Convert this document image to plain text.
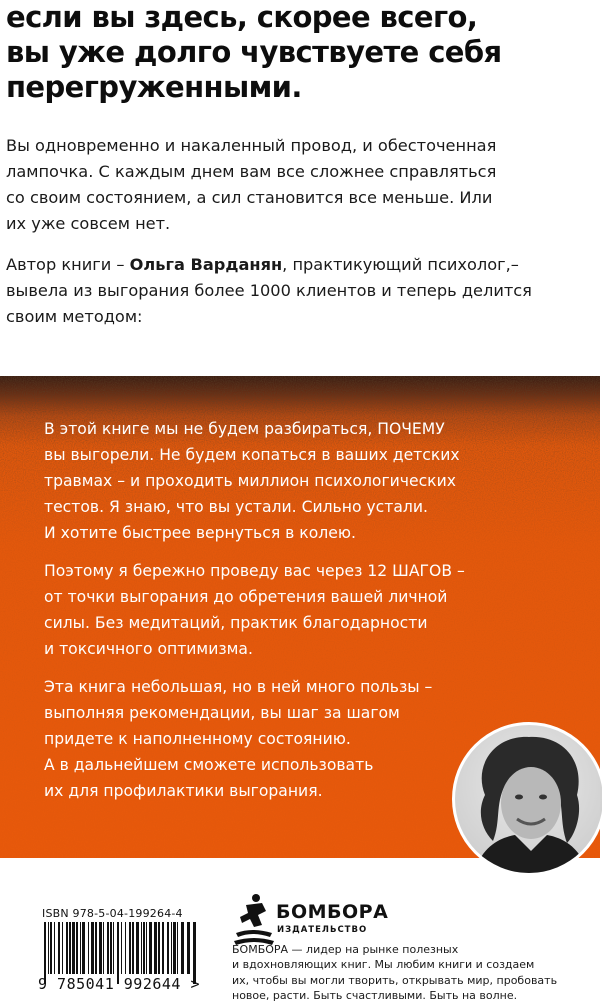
если вы здесь, скорее всего,
вы уже долго чувствуете себя
перегруженными.

Вы одновременно и накаленный провод, и обесточенная
лампочка. С каждым днем вам все сложнее справляться
со своим состоянием, а сил становится все меньше. Или
их уже совсем нет.

Автор книги – Ольга Варданян, практикующий психолог,–
вывела из выгорания более 1000 клиентов и теперь делится
своим методом:

В этой книге мы не будем разбираться, ПОЧЕМУ
вы выгорели. Не будем копаться в ваших детских
травмах – и проходить миллион психологических
тестов. Я знаю, что вы устали. Сильно устали.
И хотите быстрее вернуться в колею.

Поэтому я бережно проведу вас через 12 ШАГОВ –
от точки выгорания до обретения вашей личной
силы. Без медитаций, практик благодарности
и токсичного оптимизма.

Эта книга небольшая, но в ней много пользы –
выполняя рекомендации, вы шаг за шагом
придете к наполненному состоянию.
А в дальнейшем сможете использовать
их для профилактики выгорания.

ISBN 978-5-04-199264-4
9 785041 992644 >
БОМБОРА
ИЗДАТЕЛЬСТВО

БОМБОРА — лидер на рынке полезных
и вдохновляющих книг. Мы любим книги и создаем
их, чтобы вы могли творить, открывать мир, пробовать
новое, расти. Быть счастливыми. Быть на волне.
